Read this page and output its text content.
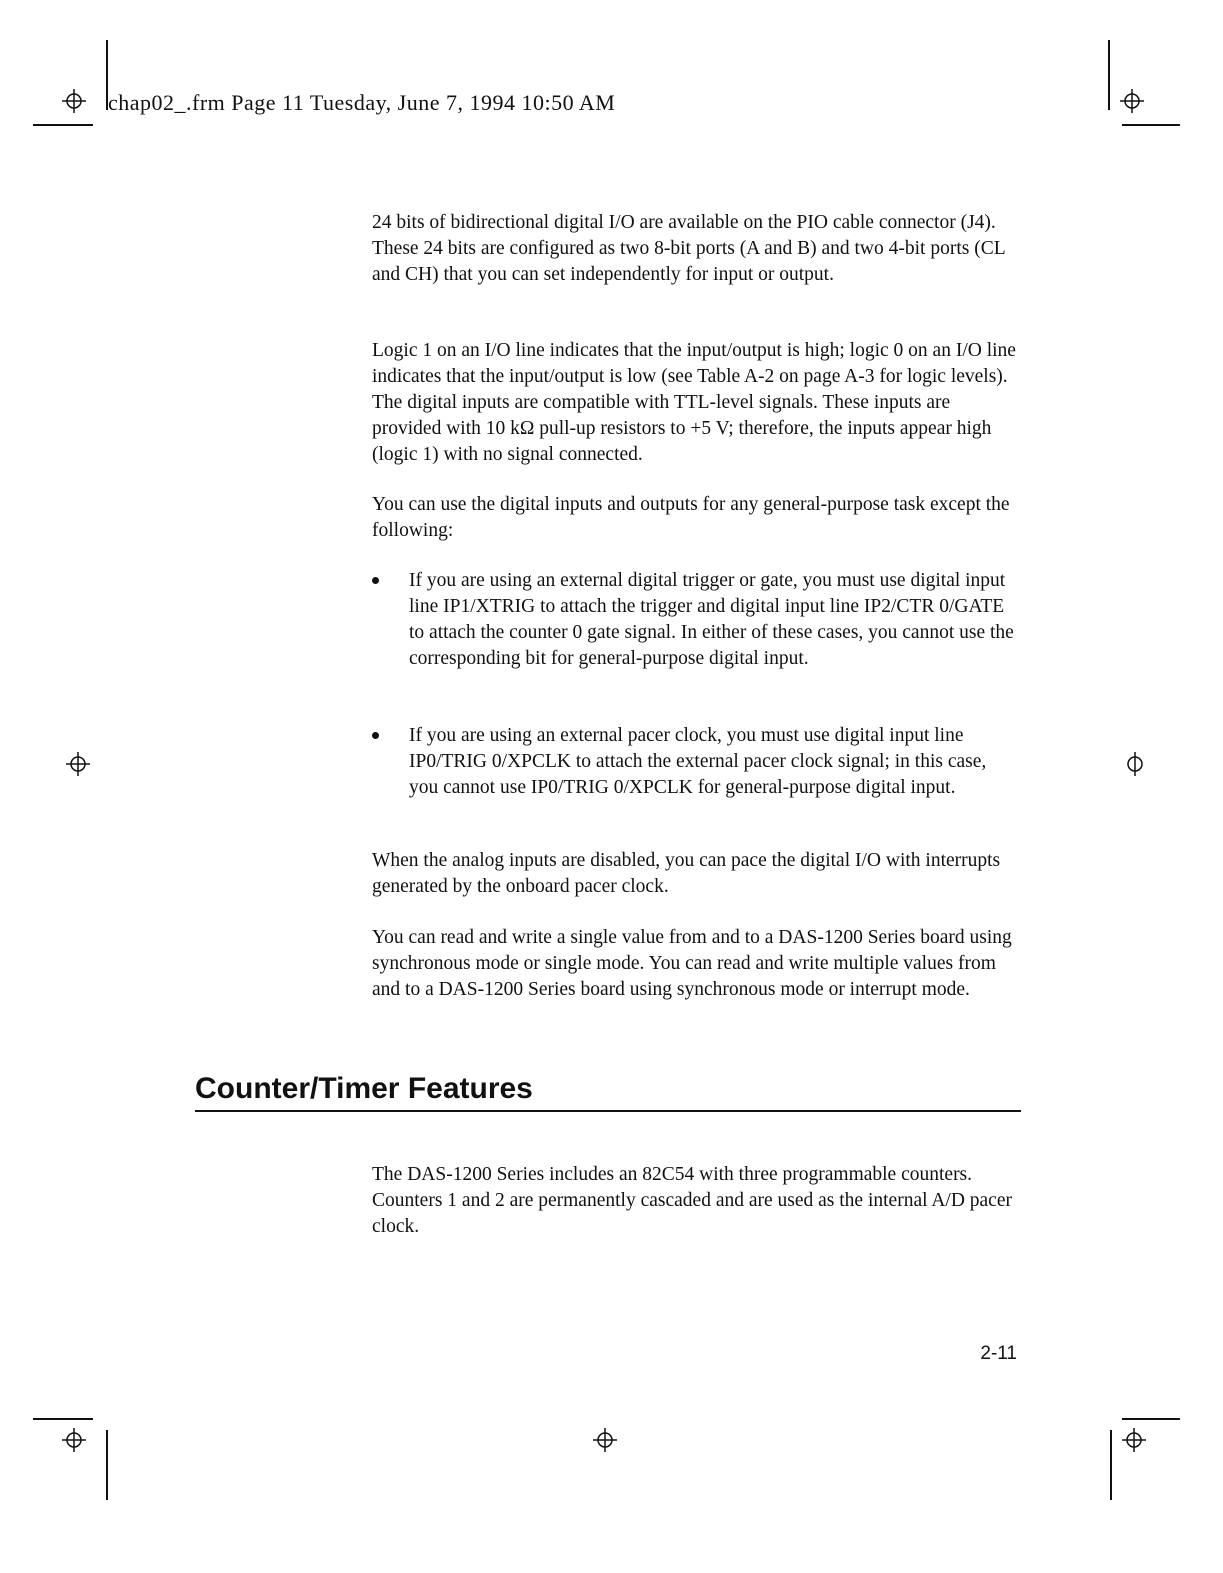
chap02_.frm Page 11 Tuesday, June 7, 1994 10:50 AM

24 bits of bidirectional digital I/O are available on the PIO cable connector (J4). These 24 bits are configured as two 8-bit ports (A and B) and two 4-bit ports (CL and CH) that you can set independently for input or output.

Logic 1 on an I/O line indicates that the input/output is high; logic 0 on an I/O line indicates that the input/output is low (see Table A-2 on page A-3 for logic levels). The digital inputs are compatible with TTL-level signals. These inputs are provided with 10 kΩ pull-up resistors to +5 V; therefore, the inputs appear high (logic 1) with no signal connected.

You can use the digital inputs and outputs for any general-purpose task except the following:

If you are using an external digital trigger or gate, you must use digital input line IP1/XTRIG to attach the trigger and digital input line IP2/CTR 0/GATE to attach the counter 0 gate signal. In either of these cases, you cannot use the corresponding bit for general-purpose digital input.

If you are using an external pacer clock, you must use digital input line IP0/TRIG 0/XPCLK to attach the external pacer clock signal; in this case, you cannot use IP0/TRIG 0/XPCLK for general-purpose digital input.

When the analog inputs are disabled, you can pace the digital I/O with interrupts generated by the onboard pacer clock.

You can read and write a single value from and to a DAS-1200 Series board using synchronous mode or single mode. You can read and write multiple values from and to a DAS-1200 Series board using synchronous mode or interrupt mode.

Counter/Timer Features

The DAS-1200 Series includes an 82C54 with three programmable counters. Counters 1 and 2 are permanently cascaded and are used as the internal A/D pacer clock.

2-11
